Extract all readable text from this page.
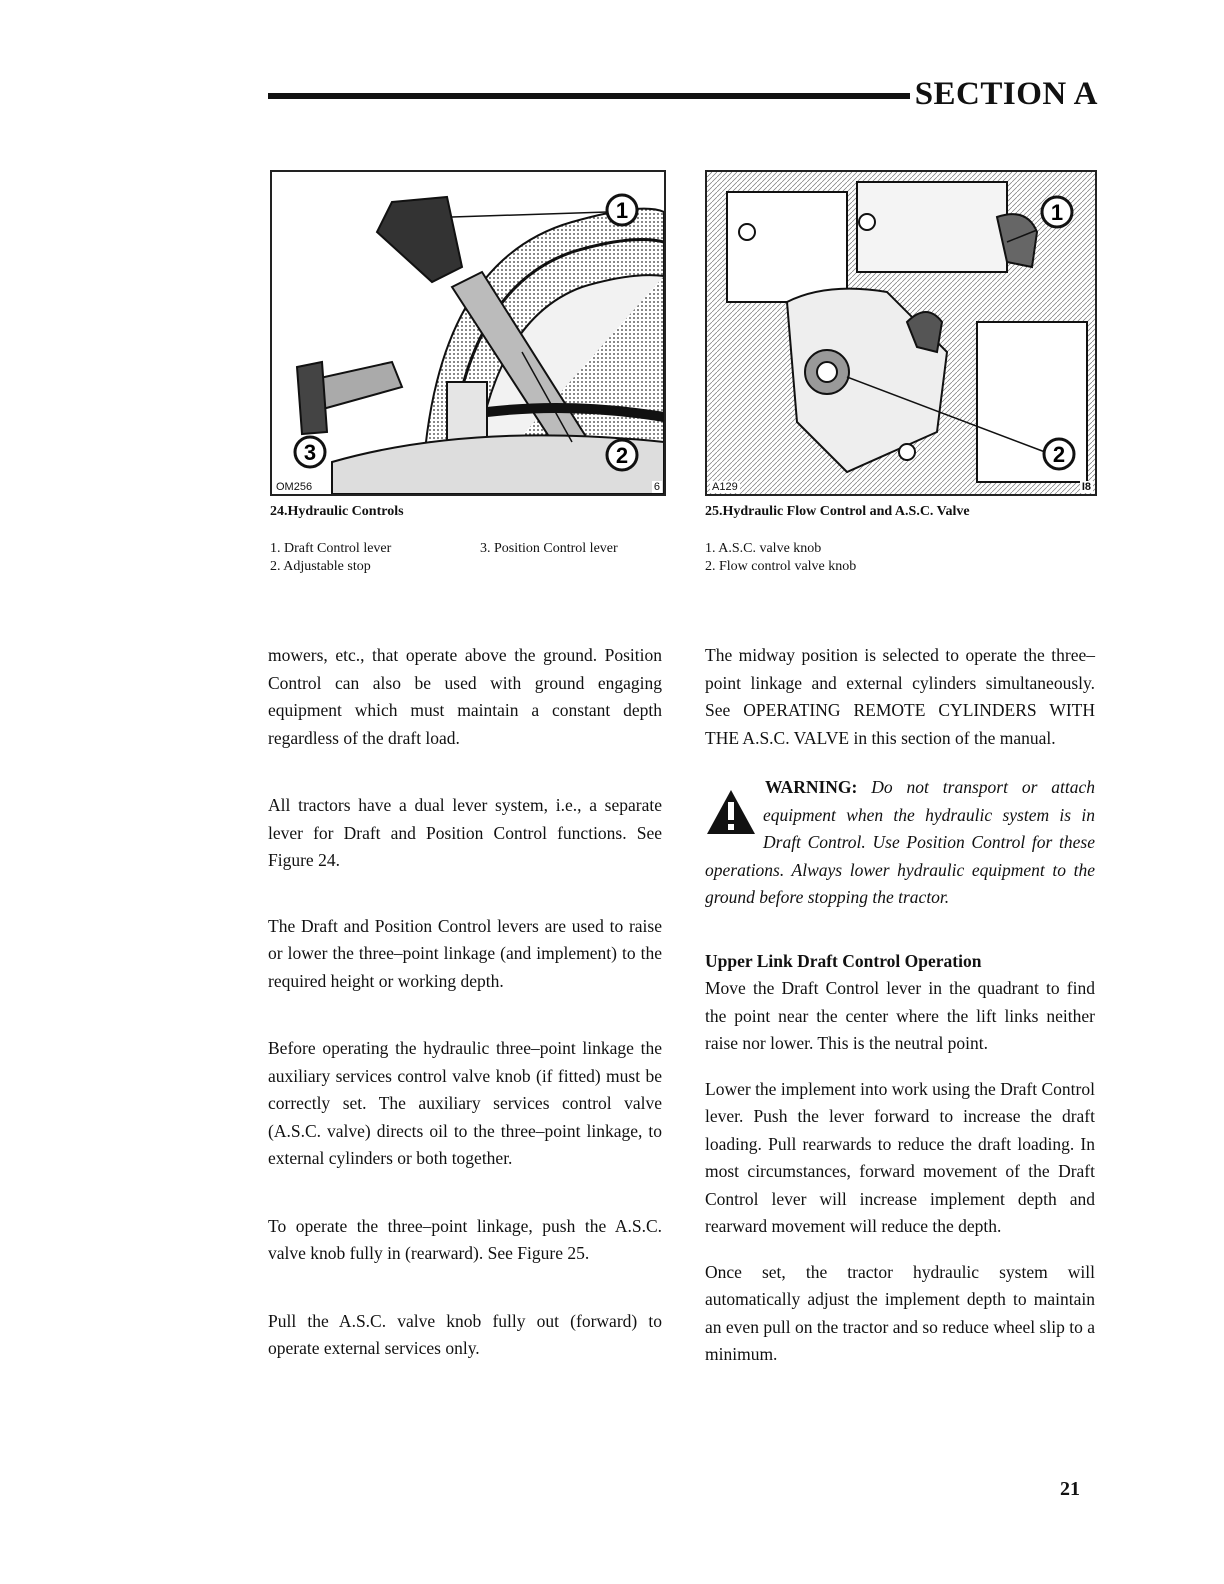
SECTION A
1
2
3
OM256	6
1
2
A129	I8
24.Hydraulic Controls
1. Draft Control lever
2. Adjustable stop
3. Position Control lever
25.Hydraulic Flow Control and A.S.C. Valve
1. A.S.C. valve knob
2. Flow control valve knob

mowers, etc., that operate above the ground. Position Control can also be used with ground engaging equipment which must maintain a constant depth regardless of the draft load.

All tractors have a dual lever system, i.e., a separate lever for Draft and Position Control functions. See Figure 24.

The Draft and Position Control levers are used to raise or lower the three–point linkage (and implement) to the required height or working depth.

Before operating the hydraulic three–point linkage the auxiliary services control valve knob (if fitted) must be correctly set. The auxiliary services control valve (A.S.C. valve) directs oil to the three–point linkage, to external cylinders or both together.

To operate the three–point linkage, push the A.S.C. valve knob fully in (rearward). See Figure 25.

Pull the A.S.C. valve knob fully out (forward) to operate external services only.

The midway position is selected to operate the three–point linkage and external cylinders simultaneously. See OPERATING REMOTE CYLINDERS WITH THE A.S.C. VALVE in this section of the manual.

WARNING: Do not transport or attach equipment when the hydraulic system is in Draft Control. Use Position Control for these operations. Always lower hydraulic equipment to the ground before stopping the tractor.
Upper Link Draft Control Operation

Move the Draft Control lever in the quadrant to find the point near the center where the lift links neither raise nor lower. This is the neutral point.

Lower the implement into work using the Draft Control lever. Push the lever forward to increase the draft loading. Pull rearwards to reduce the draft loading. In most circumstances, forward movement of the Draft Control lever will increase implement depth and rearward movement will reduce the depth.

Once set, the tractor hydraulic system will automatically adjust the implement depth to maintain an even pull on the tractor and so reduce wheel slip to a minimum.

21
